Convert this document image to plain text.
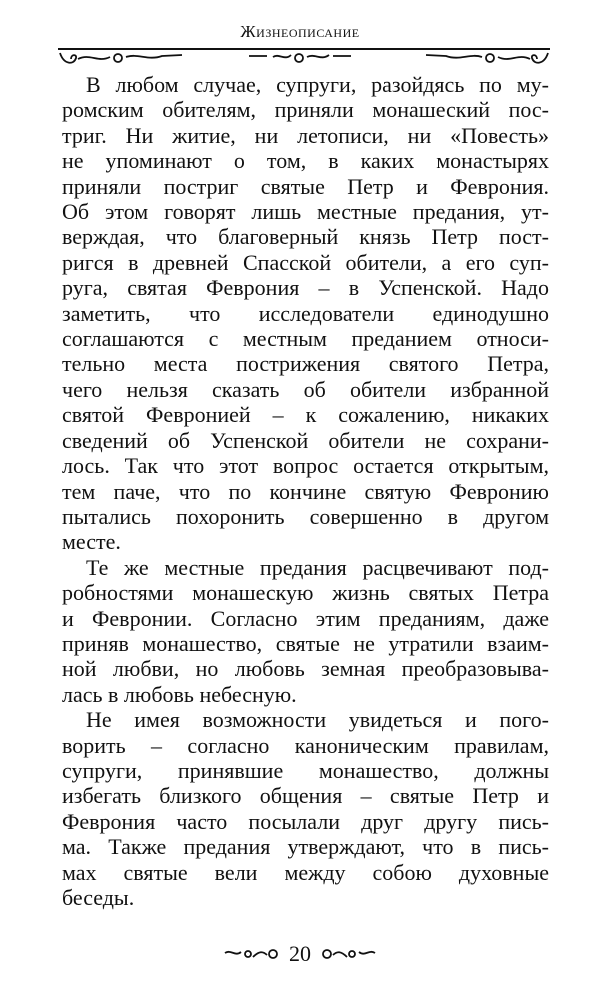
Жизнеописание
В любом случае, супруги, разойдясь по му-
ромским обителям, приняли монашеский пос-
триг. Ни житие, ни летописи, ни «Повесть»
не упоминают о том, в каких монастырях
приняли постриг святые Петр и Феврония.
Об этом говорят лишь местные предания, ут-
верждая, что благоверный князь Петр пост-
ригся в древней Спасской обители, а его суп-
руга, святая Феврония – в Успенской. Надо
заметить, что исследователи единодушно
соглашаются с местным преданием относи-
тельно места пострижения святого Петра,
чего нельзя сказать об обители избранной
святой Февронией – к сожалению, никаких
сведений об Успенской обители не сохрани-
лось. Так что этот вопрос остается открытым,
тем паче, что по кончине святую Февронию
пытались похоронить совершенно в другом
месте.
Те же местные предания расцвечивают под-
робностями монашескую жизнь святых Петра
и Февронии. Согласно этим преданиям, даже
приняв монашество, святые не утратили взаим-
ной любви, но любовь земная преобразовыва-
лась в любовь небесную.
Не имея возможности увидеться и пого-
ворить – согласно каноническим правилам,
супруги, принявшие монашество, должны
избегать близкого общения – святые Петр и
Феврония часто посылали друг другу пись-
ма. Также предания утверждают, что в пись-
мах святые вели между собою духовные
беседы.
20
